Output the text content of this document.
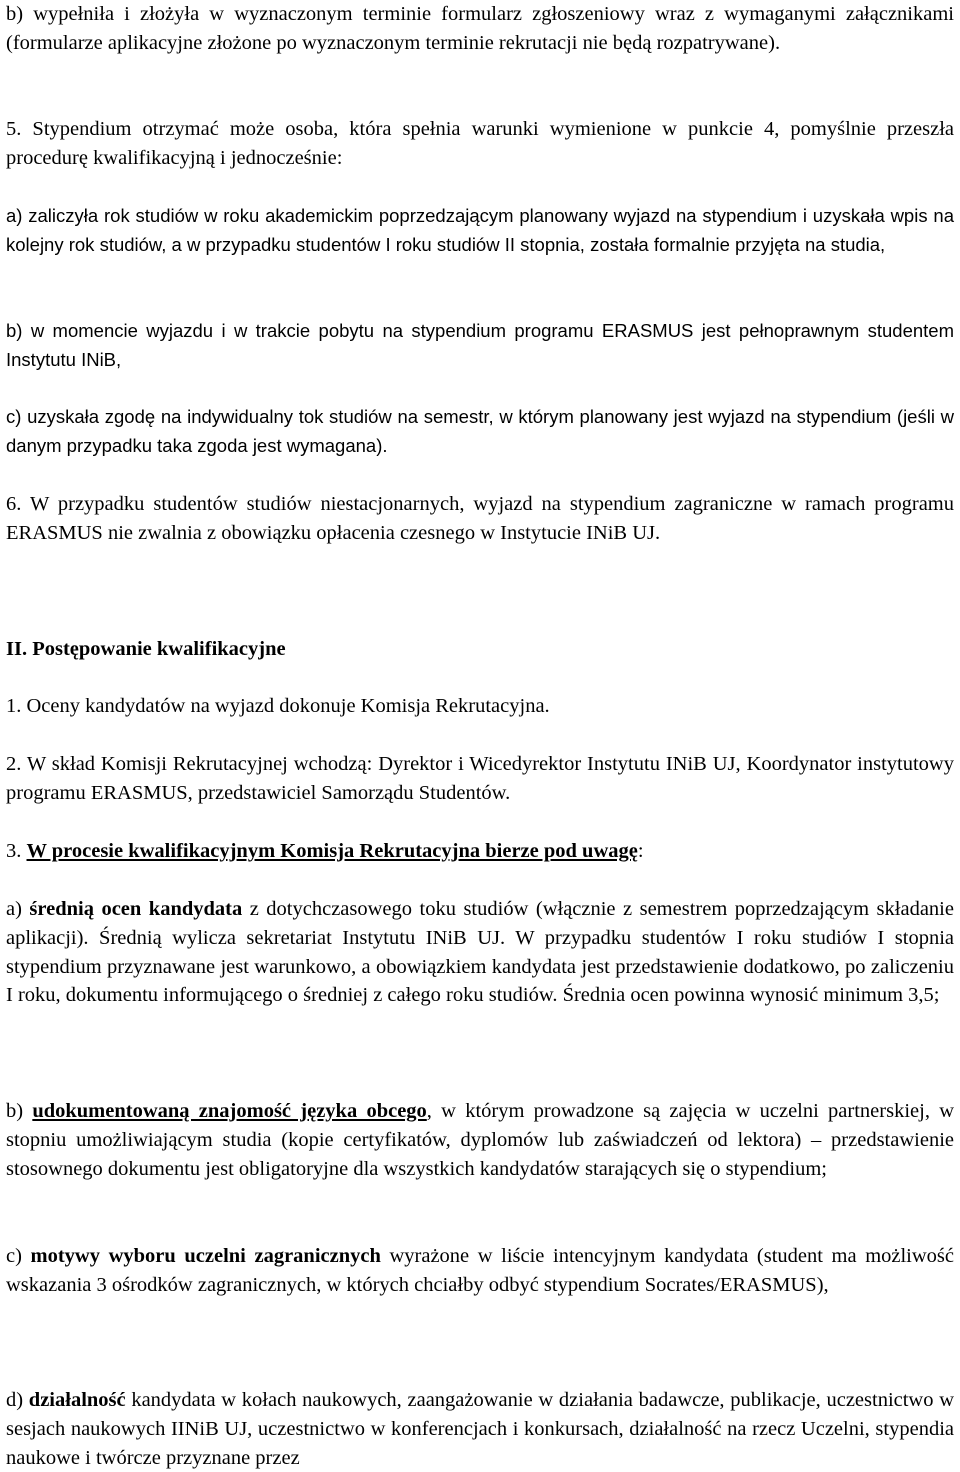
b) wypełniła i złożyła w wyznaczonym terminie formularz zgłoszeniowy wraz z wymaganymi załącznikami (formularze aplikacyjne złożone po wyznaczonym terminie rekrutacji nie będą rozpatrywane).

5. Stypendium otrzymać może osoba, która spełnia warunki wymienione w punkcie 4, pomyślnie przeszła procedurę kwalifikacyjną i jednocześnie:

a) zaliczyła rok studiów w roku akademickim poprzedzającym planowany wyjazd na stypendium i uzyskała wpis na kolejny rok studiów, a w przypadku studentów I roku studiów II stopnia, została formalnie przyjęta na studia,

b) w momencie wyjazdu i w trakcie pobytu na stypendium programu ERASMUS jest pełnoprawnym studentem Instytutu INiB,

c) uzyskała zgodę na indywidualny tok studiów na semestr, w którym planowany jest wyjazd na stypendium (jeśli w danym przypadku taka zgoda jest wymagana).

6. W przypadku studentów studiów niestacjonarnych, wyjazd na stypendium zagraniczne w ramach programu ERASMUS nie zwalnia z obowiązku opłacenia czesnego w Instytucie INiB UJ.

II. Postępowanie kwalifikacyjne

1. Oceny kandydatów na wyjazd dokonuje Komisja Rekrutacyjna.

2. W skład Komisji Rekrutacyjnej wchodzą: Dyrektor i Wicedyrektor Instytutu INiB UJ, Koordynator instytutowy programu ERASMUS, przedstawiciel Samorządu Studentów.

3. W procesie kwalifikacyjnym Komisja Rekrutacyjna bierze pod uwagę:

a) średnią ocen kandydata z dotychczasowego toku studiów (włącznie z semestrem poprzedzającym składanie aplikacji). Średnią wylicza sekretariat Instytutu INiB UJ. W przypadku studentów I roku studiów I stopnia stypendium przyznawane jest warunkowo, a obowiązkiem kandydata jest przedstawienie dodatkowo, po zaliczeniu I roku, dokumentu informującego o średniej z całego roku studiów. Średnia ocen powinna wynosić minimum 3,5;

b) udokumentowaną znajomość języka obcego, w którym prowadzone są zajęcia w uczelni partnerskiej, w stopniu umożliwiającym studia (kopie certyfikatów, dyplomów lub zaświadczeń od lektora) – przedstawienie stosownego dokumentu jest obligatoryjne dla wszystkich kandydatów starających się o stypendium;

c) motywy wyboru uczelni zagranicznych wyrażone w liście intencyjnym kandydata (student ma możliwość wskazania 3 ośrodków zagranicznych, w których chciałby odbyć stypendium Socrates/ERASMUS),

d) działalność kandydata w kołach naukowych, zaangażowanie w działania badawcze, publikacje, uczestnictwo w sesjach naukowych IINiB UJ, uczestnictwo w konferencjach i konkursach, działalność na rzecz Uczelni, stypendia naukowe i twórcze przyznane przez
